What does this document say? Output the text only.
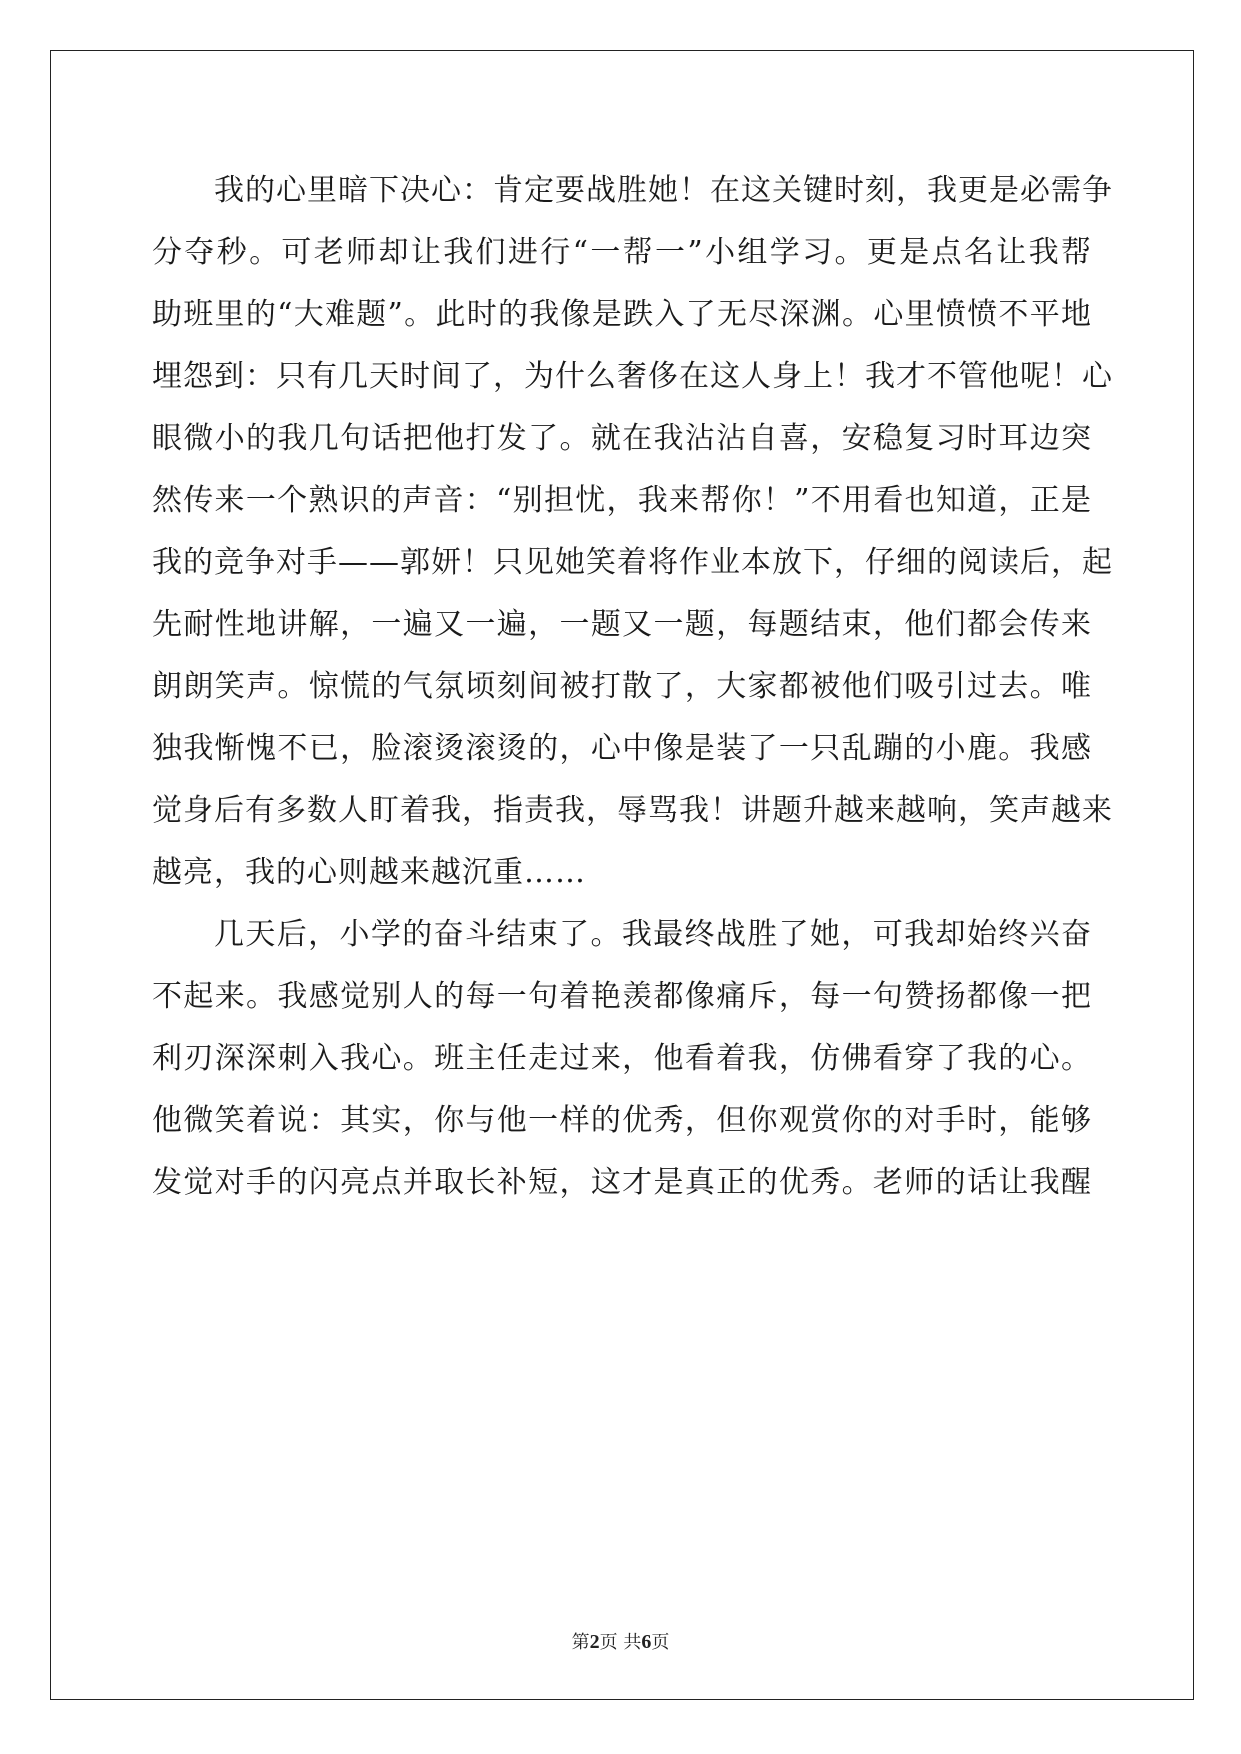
我的心里暗下决心：肯定要战胜她！在这关键时刻，我更是必需争
分夺秒。可老师却让我们进行“一帮一”小组学习。更是点名让我帮
助班里的“大难题”。此时的我像是跌入了无尽深渊。心里愤愤不平地
埋怨到：只有几天时间了，为什么奢侈在这人身上！我才不管他呢！心
眼微小的我几句话把他打发了。就在我沾沾自喜，安稳复习时耳边突
然传来一个熟识的声音：“别担忧，我来帮你！”不用看也知道，正是
我的竞争对手——郭妍！只见她笑着将作业本放下，仔细的阅读后，起
先耐性地讲解，一遍又一遍，一题又一题，每题结束，他们都会传来
朗朗笑声。惊慌的气氛顷刻间被打散了，大家都被他们吸引过去。唯
独我惭愧不已，脸滚烫滚烫的，心中像是装了一只乱蹦的小鹿。我感
觉身后有多数人盯着我，指责我，辱骂我！讲题升越来越响，笑声越来
越亮，我的心则越来越沉重……
几天后，小学的奋斗结束了。我最终战胜了她，可我却始终兴奋
不起来。我感觉别人的每一句着艳羡都像痛斥，每一句赞扬都像一把
利刃深深刺入我心。班主任走过来，他看着我，仿佛看穿了我的心。
他微笑着说：其实，你与他一样的优秀，但你观赏你的对手时，能够
发觉对手的闪亮点并取长补短，这才是真正的优秀。老师的话让我醒
第2页 共6页
